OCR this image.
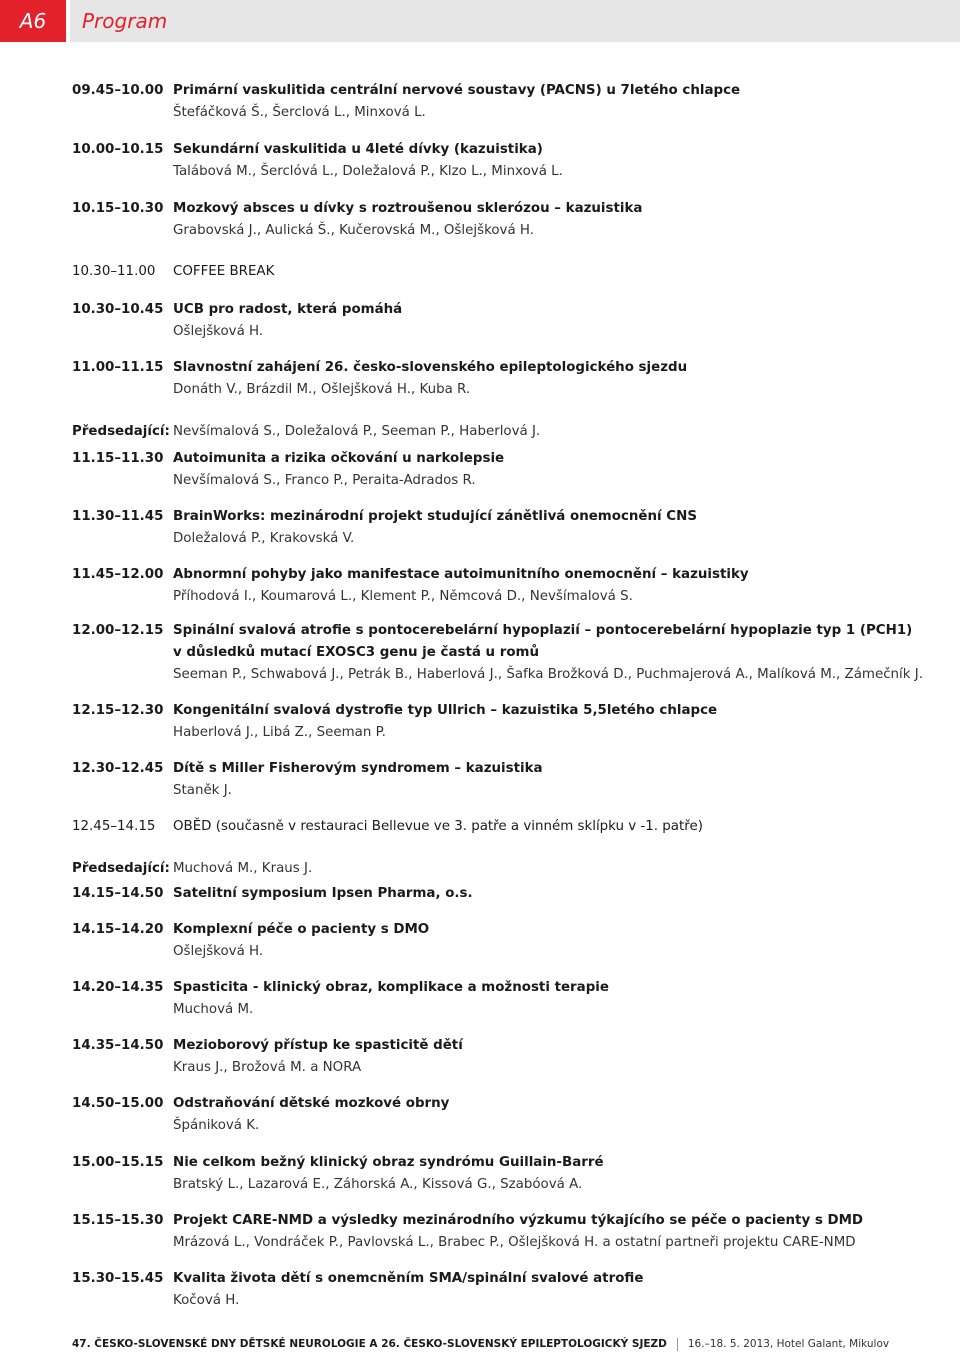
A6	Program
09.45–10.00 Primární vaskulitida centrální nervové soustavy (PACNS) u 7letého chlapce
Štefáčková Š., Šerclová L., Minxová L.
10.00–10.15 Sekundární vaskulitida u 4leté dívky (kazuistika)
Talábová M., Šerclóvá L., Doležalová P., Klzo L., Minxová L.
10.15–10.30 Mozkový absces u dívky s roztroušenou sklerózou – kazuistika
Grabovská J., Aulická Š., Kučerovská M., Ošlejšková H.
10.30–11.00	COFFEE BREAK
10.30–10.45 UCB pro radost, která pomáhá
Ošlejšková H.
11.00–11.15 Slavnostní zahájení 26. česko-slovenského epileptologického sjezdu
Donáth V., Brázdil M., Ošlejšková H., Kuba R.
Předsedající: Nevšímalová S., Doležalová P., Seeman P., Haberlová J.
11.15–11.30 Autoimunita a rizika očkování u narkolepsie
Nevšímalová S., Franco P., Peraita-Adrados R.
11.30–11.45 BrainWorks: mezinárodní projekt studující zánětlivá onemocnění CNS
Doležalová P., Krakovská V.
11.45–12.00 Abnormní pohyby jako manifestace autoimunitního onemocnění – kazuistiky
Příhodová I., Koumarová L., Klement P., Němcová D., Nevšímalová S.
12.00–12.15 Spinální svalová atrofie s pontocerebelární hypoplazií – pontocerebelární hypoplazie typ 1 (PCH1)
v důsledků mutací EXOSC3 genu je častá u romů
Seeman P., Schwabová J., Petrák B., Haberlová J., Šafka Brožková D., Puchmajerová A., Malíková M., Zámečník J.
12.15–12.30 Kongenitální svalová dystrofie typ Ullrich – kazuistika 5,5letého chlapce
Haberlová J., Libá Z., Seeman P.
12.30–12.45 Dítě s Miller Fisherovým syndromem – kazuistika
Staněk J.
12.45–14.15	OBĚD (současně v restauraci Bellevue ve 3. patře a vinném sklípku v -1. patře)
Předsedající: Muchová M., Kraus J.
14.15–14.50 Satelitní symposium Ipsen Pharma, o.s.
14.15–14.20 Komplexní péče o pacienty s DMO
Ošlejšková H.
14.20–14.35 Spasticita - klinický obraz, komplikace a možnosti terapie
Muchová M.
14.35–14.50 Mezioborový přístup ke spasticitě dětí
Kraus J., Brožová M. a NORA
14.50–15.00 Odstraňování dětské mozkové obrny
Špániková K.
15.00–15.15 Nie celkom bežný klinický obraz syndrómu Guillain-Barré
Bratský L., Lazarová E., Záhorská A., Kissová G., Szabóová A.
15.15–15.30 Projekt CARE-NMD a výsledky mezinárodního výzkumu týkajícího se péče o pacienty s DMD
Mrázová L., Vondráček P., Pavlovská L., Brabec P., Ošlejšková H. a ostatní partneři projektu CARE-NMD
15.30–15.45 Kvalita života dětí s onemcněním SMA/spinální svalové atrofie
Kočová H.
47. ČESKO-SLOVENSKÉ DNY DĚTSKÉ NEUROLOGIE A 26. ČESKO-SLOVENSKÝ EPILEPTOLOGICKÝ SJEZD 16.–18. 5. 2013, Hotel Galant, Mikulov
